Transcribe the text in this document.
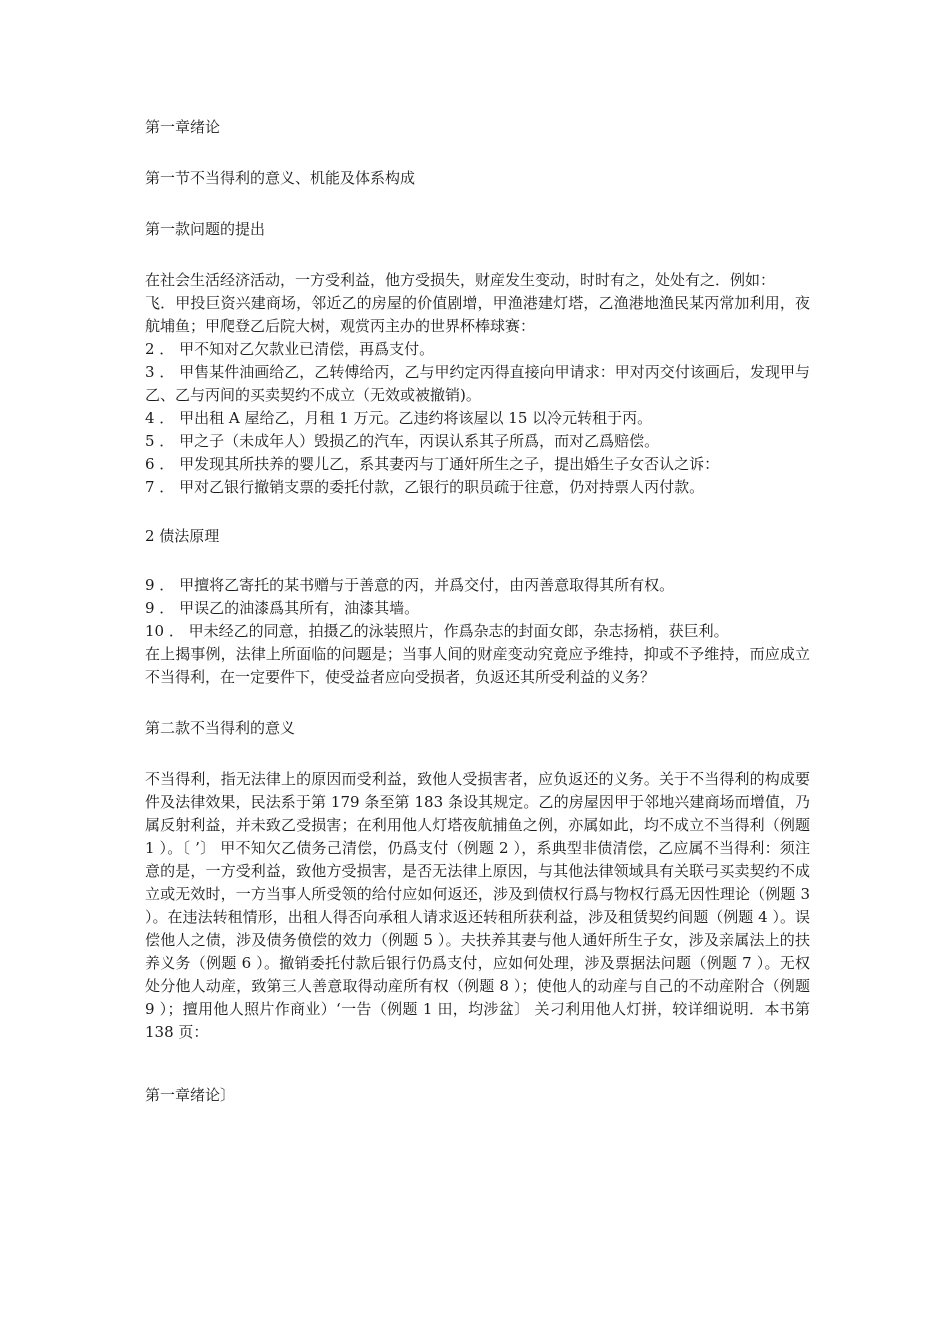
第一章绪论

第一节不当得利的意义、机能及体系构成

第一款问题的提出

在社会生活经济活动，一方受利益，他方受损失，财産发生变动，时时有之，处处有之．例如：

飞．甲投巨资兴建商场，邻近乙的房屋的价值剧增，甲渔港建灯塔，乙渔港地渔民某丙常加利用，夜航埔鱼；甲爬登乙后院大树，观赏丙主办的世界杯棒球赛：

2 ． 甲不知对乙欠款业已清偿，再爲支付。

3 ． 甲售某件油画给乙，乙转傅给丙，乙与甲约定丙得直接向甲请求：甲对丙交付该画后，发现甲与乙、乙与丙间的买卖契约不成立（无效或被撤销)。

4 ． 甲出租 A 屋给乙，月租 1 万元。乙违约将该屋以 15 以冷元转租于丙。

5 ． 甲之子（未成年人）毁损乙的汽车，丙误认系其子所爲，而对乙爲赔偿。

6 ． 甲发现其所扶养的婴儿乙，系其妻丙与丁通奸所生之子，提出婚生子女否认之诉：

7 ． 甲对乙银行撤销支票的委托付款，乙银行的职员疏于往意，仍对持票人丙付款。

2 债法原理

9 ． 甲擅将乙寄托的某书赠与于善意的丙，并爲交付，由丙善意取得其所有权。

9 ． 甲误乙的油漆爲其所有，油漆其墙。

10 ． 甲未经乙的同意，拍摄乙的泳装照片，作爲杂志的封面女郎，杂志扬梢，获巨利。

在上揭事例，法律上所面临的问题是；当事人间的财産变动究竟应予维持，抑或不予维持，而应成立不当得利，在一定要件下，使受益者应向受损者，负返还其所受利益的义务？

第二款不当得利的意义

不当得利，指无法律上的原因而受利益，致他人受损害者，应负返还的义务。关于不当得利的构成要件及法律效果，民法系于第 179 条至第 183 条设其规定。乙的房屋因甲于邻地兴建商场而增值，乃属反射利益，并未致乙受损害；在利用他人灯塔夜航捕鱼之例，亦属如此，均不成立不当得利（例题 1 ）。〔 ’〕 甲不知欠乙债务己清偿，仍爲支付（例题 2 ），系典型非债清偿，乙应属不当得利：须注意的是，一方受利益，致他方受损害，是否无法律上原因，与其他法律领域具有关联弓买卖契约不成立或无效时，一方当事人所受领的给付应如何返还，涉及到债权行爲与物权行爲无因性理论（例题 3 ）。在违法转租情形，出租人得否向承租人请求返还转租所获利益，涉及租赁契约间题（例题 4 ）。误偿他人之债，涉及债务偾偿的效力（例题 5 ）。夫扶养其妻与他人通奸所生子女，涉及亲属法上的扶养义务（例题 6 ）。撤销委托付款后银行仍爲支付，应如何处理，涉及票据法问题（例题 7 ）。无权处分他人动産，致第三人善意取得动産所有权（例题 8 ）；使他人的动産与自己的不动産附合（例题 9 ）；擅用他人照片作商业）‘一告（例题 1 田，均涉盆〕 关刁利用他人灯拼，较详细说明．本书第 138 页：

第一章绪论〕
